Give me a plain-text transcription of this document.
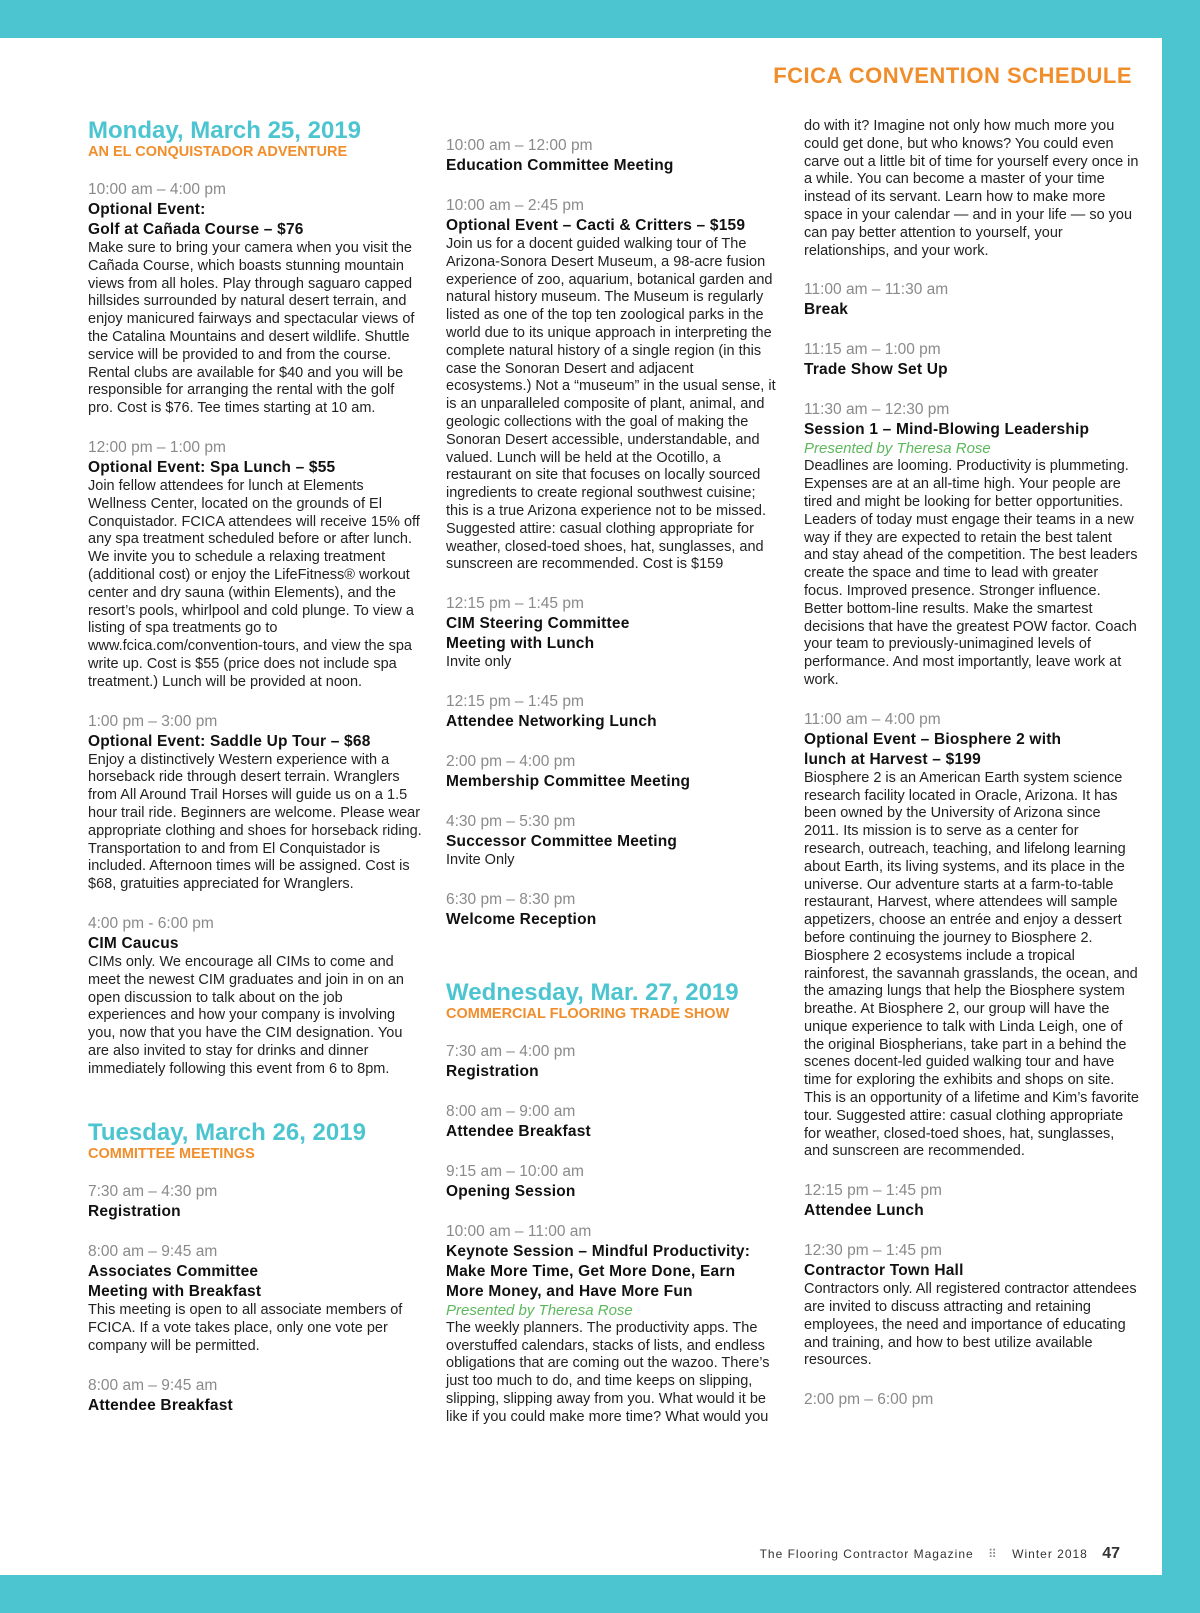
FCICA CONVENTION SCHEDULE
Monday, March 25, 2019
AN EL CONQUISTADOR ADVENTURE
10:00 am – 4:00 pm
Optional Event:
Golf at Cañada Course – $76
Make sure to bring your camera when you visit the Cañada Course, which boasts stunning mountain views from all holes. Play through saguaro capped hillsides surrounded by natural desert terrain, and enjoy manicured fairways and spectacular views of the Catalina Mountains and desert wildlife. Shuttle service will be provided to and from the course. Rental clubs are available for $40 and you will be responsible for arranging the rental with the golf pro. Cost is $76. Tee times starting at 10 am.
12:00 pm – 1:00 pm
Optional Event: Spa Lunch – $55
Join fellow attendees for lunch at Elements Wellness Center, located on the grounds of El Conquistador. FCICA attendees will receive 15% off any spa treatment scheduled before or after lunch. We invite you to schedule a relaxing treatment (additional cost) or enjoy the LifeFitness® workout center and dry sauna (within Elements), and the resort’s pools, whirlpool and cold plunge. To view a listing of spa treatments go to www.fcica.com/convention-tours, and view the spa write up. Cost is $55 (price does not include spa treatment.) Lunch will be provided at noon.
1:00 pm – 3:00 pm
Optional Event: Saddle Up Tour – $68
Enjoy a distinctively Western experience with a horseback ride through desert terrain. Wranglers from All Around Trail Horses will guide us on a 1.5 hour trail ride. Beginners are welcome. Please wear appropriate clothing and shoes for horseback riding. Transportation to and from El Conquistador is included. Afternoon times will be assigned. Cost is $68, gratuities appreciated for Wranglers.
4:00 pm - 6:00 pm
CIM Caucus
CIMs only. We encourage all CIMs to come and meet the newest CIM graduates and join in on an open discussion to talk about on the job experiences and how your company is involving you, now that you have the CIM designation. You are also invited to stay for drinks and dinner immediately following this event from 6 to 8pm.
Tuesday, March 26, 2019
COMMITTEE MEETINGS
7:30 am – 4:30 pm
Registration
8:00 am – 9:45 am
Associates Committee
Meeting with Breakfast
This meeting is open to all associate members of FCICA. If a vote takes place, only one vote per company will be permitted.
8:00 am – 9:45 am
Attendee Breakfast
10:00 am – 12:00 pm
Education Committee Meeting
10:00 am – 2:45 pm
Optional Event – Cacti & Critters – $159
Join us for a docent guided walking tour of The Arizona-Sonora Desert Museum, a 98-acre fusion experience of zoo, aquarium, botanical garden and natural history museum. The Museum is regularly listed as one of the top ten zoological parks in the world due to its unique approach in interpreting the complete natural history of a single region (in this case the Sonoran Desert and adjacent ecosystems.) Not a “museum” in the usual sense, it is an unparalleled composite of plant, animal, and geologic collections with the goal of making the Sonoran Desert accessible, understandable, and valued. Lunch will be held at the Ocotillo, a restaurant on site that focuses on locally sourced ingredients to create regional southwest cuisine; this is a true Arizona experience not to be missed. Suggested attire: casual clothing appropriate for weather, closed-toed shoes, hat, sunglasses, and sunscreen are recommended. Cost is $159
12:15 pm – 1:45 pm
CIM Steering Committee
Meeting with Lunch
Invite only
12:15 pm – 1:45 pm
Attendee Networking Lunch
2:00 pm – 4:00 pm
Membership Committee Meeting
4:30 pm – 5:30 pm
Successor Committee Meeting
Invite Only
6:30 pm – 8:30 pm
Welcome Reception
Wednesday, Mar. 27, 2019
COMMERCIAL FLOORING TRADE SHOW
7:30 am – 4:00 pm
Registration
8:00 am – 9:00 am
Attendee Breakfast
9:15 am – 10:00 am
Opening Session
10:00 am – 11:00 am
Keynote Session – Mindful Productivity:
Make More Time, Get More Done, Earn
More Money, and Have More Fun
Presented by Theresa Rose
The weekly planners. The productivity apps. The overstuffed calendars, stacks of lists, and endless obligations that are coming out the wazoo. There’s just too much to do, and time keeps on slipping, slipping, slipping away from you. What would it be like if you could make more time? What would you
do with it? Imagine not only how much more you could get done, but who knows? You could even carve out a little bit of time for yourself every once in a while. You can become a master of your time instead of its servant. Learn how to make more space in your calendar — and in your life — so you can pay better attention to yourself, your relationships, and your work.
11:00 am – 11:30 am
Break
11:15 am – 1:00 pm
Trade Show Set Up
11:30 am – 12:30 pm
Session 1 – Mind-Blowing Leadership
Presented by Theresa Rose
Deadlines are looming. Productivity is plummeting. Expenses are at an all-time high. Your people are tired and might be looking for better opportunities. Leaders of today must engage their teams in a new way if they are expected to retain the best talent and stay ahead of the competition. The best leaders create the space and time to lead with greater focus. Improved presence. Stronger influence. Better bottom-line results. Make the smartest decisions that have the greatest POW factor. Coach your team to previously-unimagined levels of performance. And most importantly, leave work at work.
11:00 am – 4:00 pm
Optional Event – Biosphere 2 with
lunch at Harvest – $199
Biosphere 2 is an American Earth system science research facility located in Oracle, Arizona. It has been owned by the University of Arizona since 2011. Its mission is to serve as a center for research, outreach, teaching, and lifelong learning about Earth, its living systems, and its place in the universe. Our adventure starts at a farm-to-table restaurant, Harvest, where attendees will sample appetizers, choose an entrée and enjoy a dessert before continuing the journey to Biosphere 2. Biosphere 2 ecosystems include a tropical rainforest, the savannah grasslands, the ocean, and the amazing lungs that help the Biosphere system breathe. At Biosphere 2, our group will have the unique experience to talk with Linda Leigh, one of the original Biospherians, take part in a behind the scenes docent-led guided walking tour and have time for exploring the exhibits and shops on site. This is an opportunity of a lifetime and Kim’s favorite tour. Suggested attire: casual clothing appropriate for weather, closed-toed shoes, hat, sunglasses, and sunscreen are recommended.
12:15 pm – 1:45 pm
Attendee Lunch
12:30 pm – 1:45 pm
Contractor Town Hall
Contractors only. All registered contractor attendees are invited to discuss attracting and retaining employees, the need and importance of educating and training, and how to best utilize available resources.
2:00 pm – 6:00 pm
The Flooring Contractor Magazine ⠿ Winter 2018 47
